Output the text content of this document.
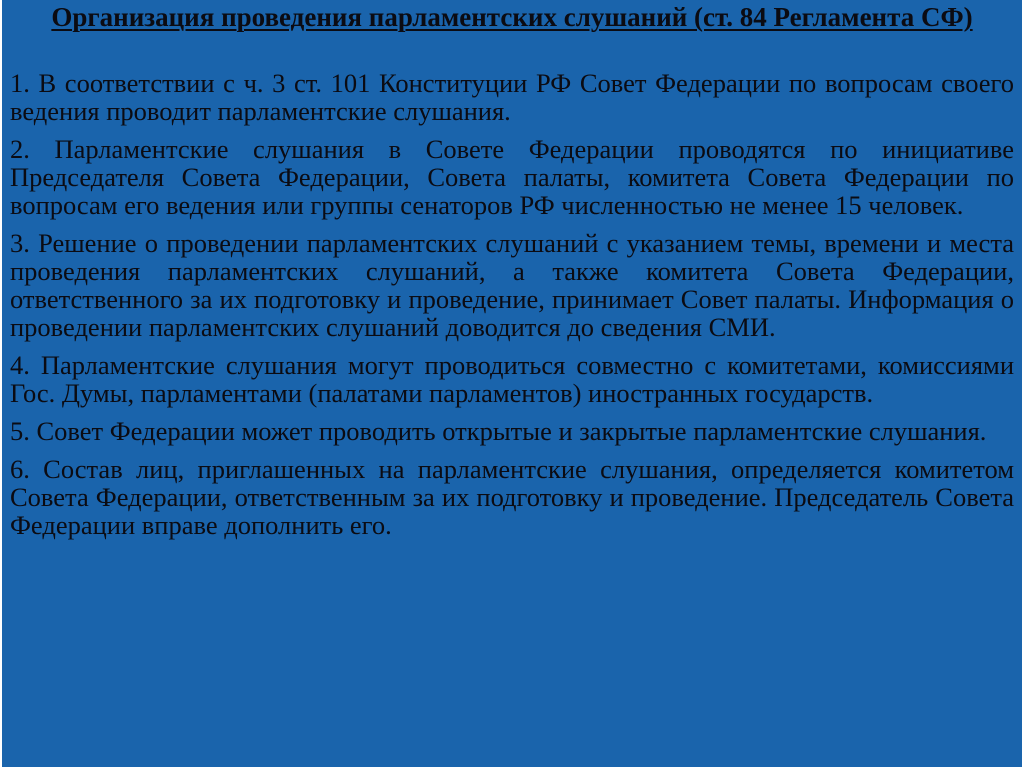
Организация проведения парламентских слушаний (ст. 84 Регламента СФ)
1. В соответствии с ч. 3 ст. 101 Конституции РФ Совет Федерации по вопросам своего ведения проводит парламентские слушания.
2. Парламентские слушания в Совете Федерации проводятся по инициативе Председателя Совета Федерации, Совета палаты, комитета Совета Федерации по вопросам его ведения или группы сенаторов РФ численностью не менее 15 человек.
3. Решение о проведении парламентских слушаний с указанием темы, времени и места проведения парламентских слушаний, а также комитета Совета Федерации, ответственного за их подготовку и проведение, принимает Совет палаты. Информация о проведении парламентских слушаний доводится до сведения СМИ.
4. Парламентские слушания могут проводиться совместно с комитетами, комиссиями Гос. Думы, парламентами (палатами парламентов) иностранных государств.
5. Совет Федерации может проводить открытые и закрытые парламентские слушания.
6. Состав лиц, приглашенных на парламентские слушания, определяется комитетом Совета Федерации, ответственным за их подготовку и проведение. Председатель Совета Федерации вправе дополнить его.
